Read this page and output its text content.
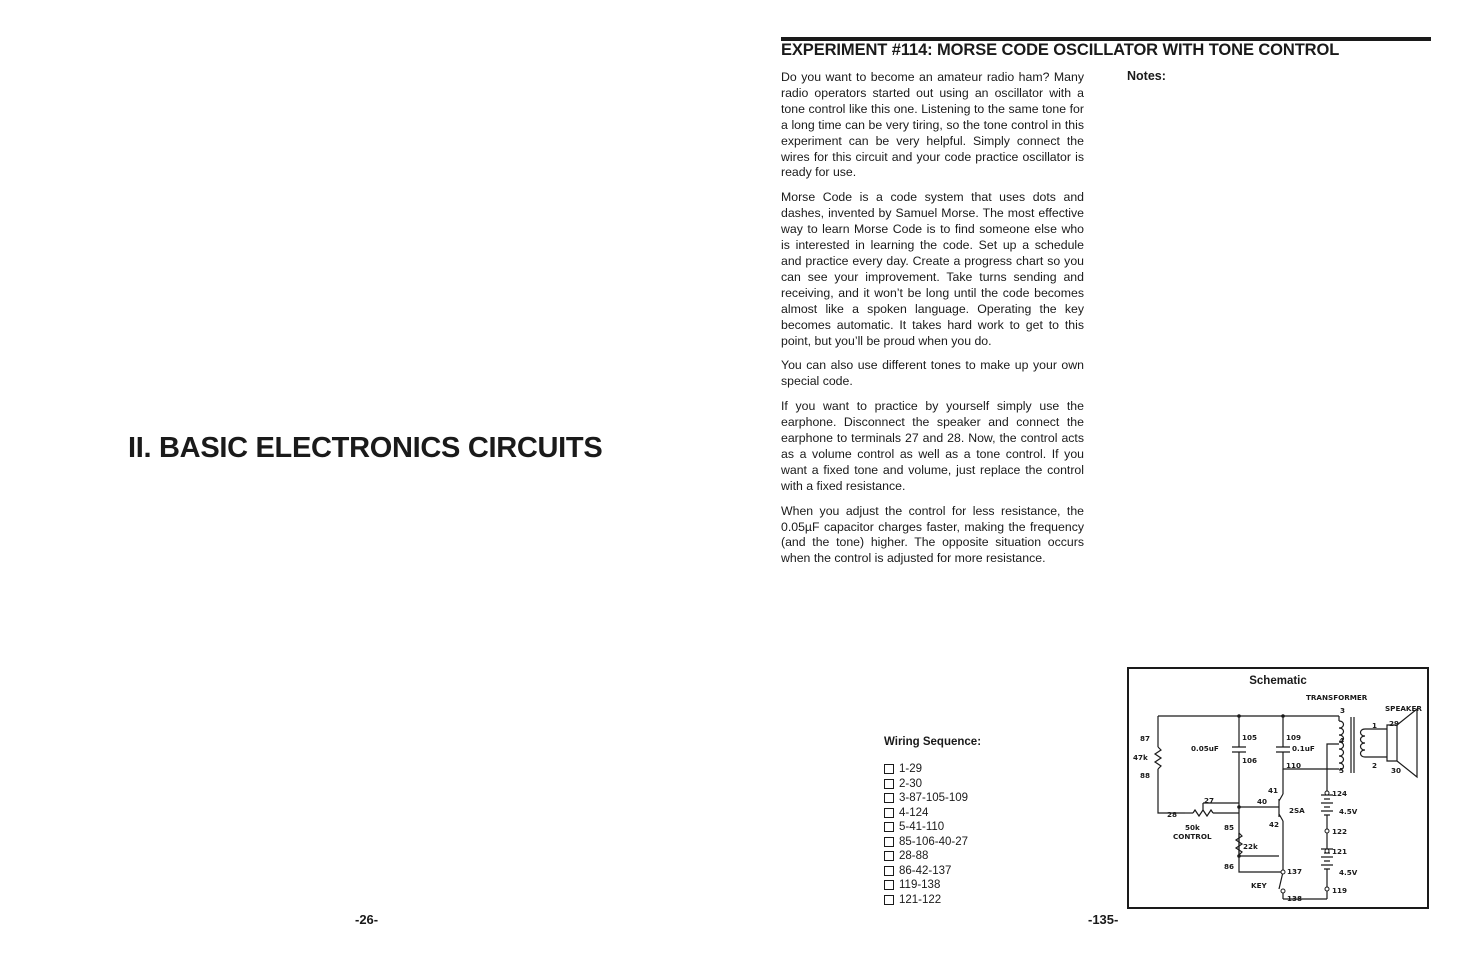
II. BASIC ELECTRONICS CIRCUITS

-26-

EXPERIMENT #114: MORSE CODE OSCILLATOR WITH TONE CONTROL

Do you want to become an amateur radio ham? Many radio operators started out using an oscillator with a tone control like this one. Listening to the same tone for a long time can be very tiring, so the tone control in this experiment can be very helpful. Simply connect the wires for this circuit and your code practice oscillator is ready for use.

Morse Code is a code system that uses dots and dashes, invented by Samuel Morse. The most effective way to learn Morse Code is to find someone else who is interested in learning the code. Set up a schedule and practice every day. Create a progress chart so you can see your improvement. Take turns sending and receiving, and it won’t be long until the code becomes almost like a spoken language. Operating the key becomes automatic. It takes hard work to get to this point, but you’ll be proud when you do.

You can also use different tones to make up your own special code.

If you want to practice by yourself simply use the earphone. Disconnect the speaker and connect the earphone to terminals 27 and 28. Now, the control acts as a volume control as well as a tone control. If you want a fixed tone and volume, just replace the control with a fixed resistance.

When you adjust the control for less resistance, the 0.05µF capacitor charges faster, making the frequency (and the tone) higher. The opposite situation occurs when the control is adjusted for more resistance.

Notes:

Wiring Sequence:
1-29
2-30
3-87-105-109
4-124
5-41-110
85-106-40-27
28-88
86-42-137
119-138
121-122

Schematic

TRANSFORMER
SPEAKER
3
1
4
2
5
29
30
87
47k
88
0.05uF
105
106
109
0.1uF
110
41
40
2SA
42
27
28
50k
CONTROL
85
22k
86
137
KEY
138
124
4.5V
122
121
4.5V
119

-135-
